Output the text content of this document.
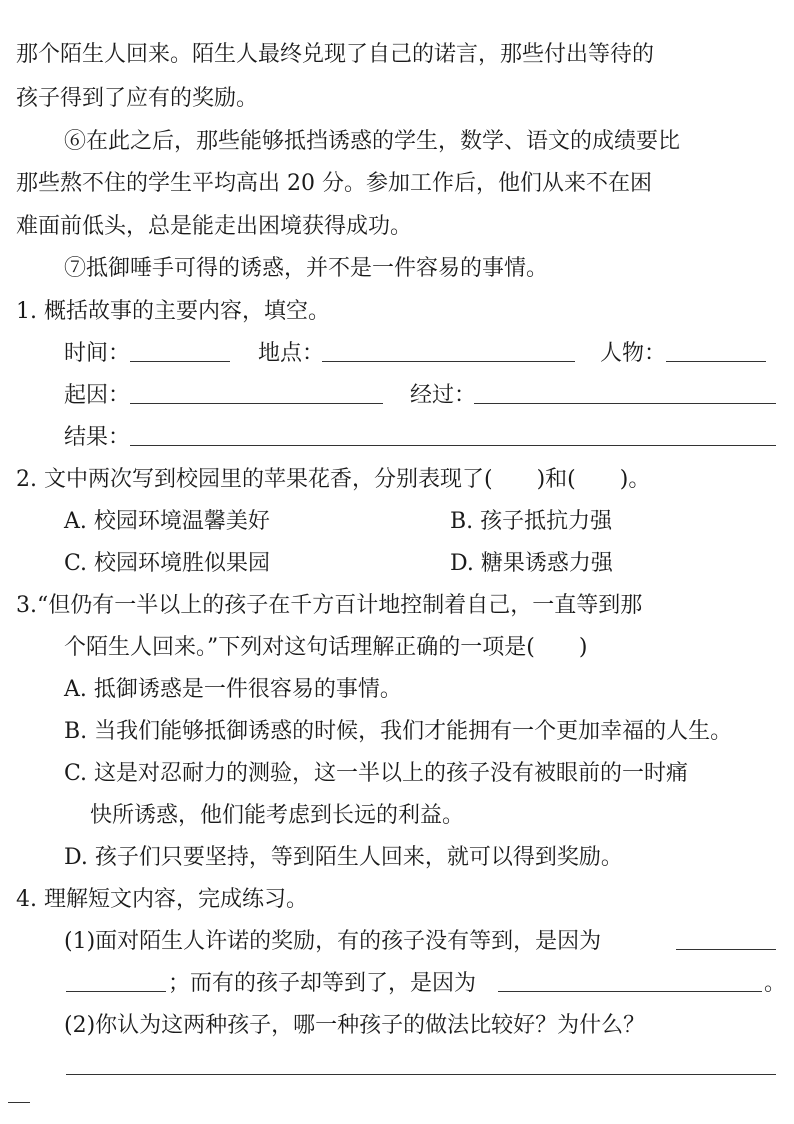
那个陌生人回来。陌生人最终兑现了自己的诺言，那些付出等待的
孩子得到了应有的奖励。
⑥在此之后，那些能够抵挡诱惑的学生，数学、语文的成绩要比
那些熬不住的学生平均高出 20 分。参加工作后，他们从来不在困
难面前低头，总是能走出困境获得成功。
⑦抵御唾手可得的诱惑，并不是一件容易的事情。
1. 概括故事的主要内容，填空。
时间：	地点：	人物：
起因：	经过：
结果：
2. 文中两次写到校园里的苹果花香，分别表现了( )和( )。
A. 校园环境温馨美好	B. 孩子抵抗力强
C. 校园环境胜似果园	D. 糖果诱惑力强
3.“但仍有一半以上的孩子在千方百计地控制着自己，一直等到那
个陌生人回来。”下列对这句话理解正确的一项是( )
A. 抵御诱惑是一件很容易的事情。
B. 当我们能够抵御诱惑的时候，我们才能拥有一个更加幸福的人生。
C. 这是对忍耐力的测验，这一半以上的孩子没有被眼前的一时痛
快所诱惑，他们能考虑到长远的利益。
D. 孩子们只要坚持，等到陌生人回来，就可以得到奖励。
4. 理解短文内容，完成练习。
(1)面对陌生人许诺的奖励，有的孩子没有等到，是因为
；而有的孩子却等到了，是因为	。
(2)你认为这两种孩子，哪一种孩子的做法比较好？为什么？
